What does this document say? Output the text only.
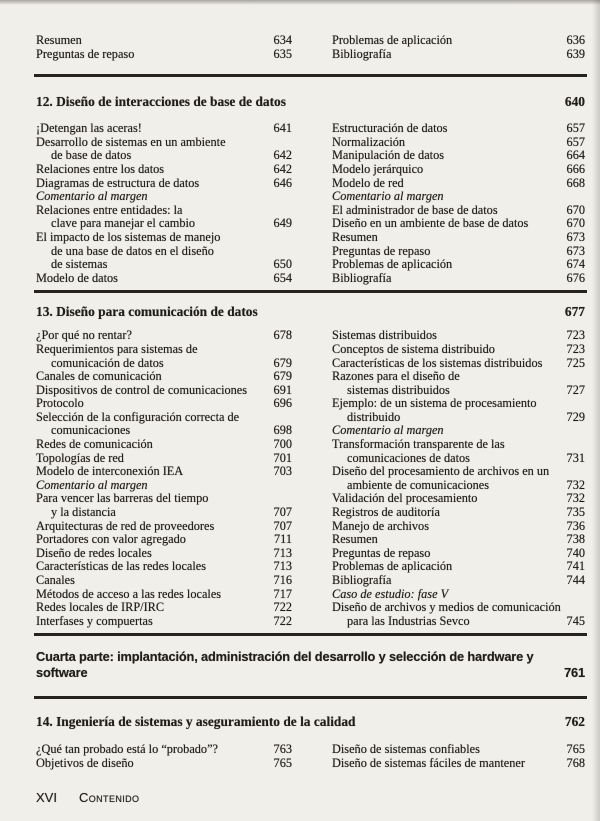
Resumen	634
Preguntas de repaso	635
Problemas de aplicación	636
Bibliografía	639
12. Diseño de interacciones de base de datos	640
¡Detengan las aceras!	641
Desarrollo de sistemas en un ambiente
de base de datos	642
Relaciones entre los datos	642
Diagramas de estructura de datos	646
Comentario al margen
Relaciones entre entidades: la
clave para manejar el cambio	649
El impacto de los sistemas de manejo
de una base de datos en el diseño
de sistemas	650
Modelo de datos	654
Estructuración de datos	657
Normalización	657
Manipulación de datos	664
Modelo jerárquico	666
Modelo de red	668
Comentario al margen
El administrador de base de datos	670
Diseño en un ambiente de base de datos	670
Resumen	673
Preguntas de repaso	673
Problemas de aplicación	674
Bibliografía	676
13. Diseño para comunicación de datos	677
¿Por qué no rentar?	678
Requerimientos para sistemas de
comunicación de datos	679
Canales de comunicación	679
Dispositivos de control de comunicaciones 691
Protocolo	696
Selección de la configuración correcta de
comunicaciones	698
Redes de comunicación	700
Topologías de red	701
Modelo de interconexión IEA	703
Comentario al margen
Para vencer las barreras del tiempo
y la distancia	707
Arquitecturas de red de proveedores	707
Portadores con valor agregado	711
Diseño de redes locales	713
Características de las redes locales	713
Canales	716
Métodos de acceso a las redes locales	717
Redes locales de IRP/IRC	722
Interfases y compuertas	722
Sistemas distribuidos	723
Conceptos de sistema distribuido	723
Características de los sistemas distribuidos 725
Razones para el diseño de
sistemas distribuidos	727
Ejemplo: de un sistema de procesamiento
distribuido	729
Comentario al margen
Transformación transparente de las
comunicaciones de datos	731
Diseño del procesamiento de archivos en un
ambiente de comunicaciones	732
Validación del procesamiento	732
Registros de auditoría	735
Manejo de archivos	736
Resumen	738
Preguntas de repaso	740
Problemas de aplicación	741
Bibliografía	744
Caso de estudio: fase V
Diseño de archivos y medios de comunicación
para las Industrias Sevco	745
Cuarta parte: implantación, administración del desarrollo y selección de hardware y
software	761
14. Ingeniería de sistemas y aseguramiento de la calidad	762
¿Qué tan probado está lo “probado”?	763
Objetivos de diseño	765
Diseño de sistemas confiables	765
Diseño de sistemas fáciles de mantener	768
XVI Contenido
